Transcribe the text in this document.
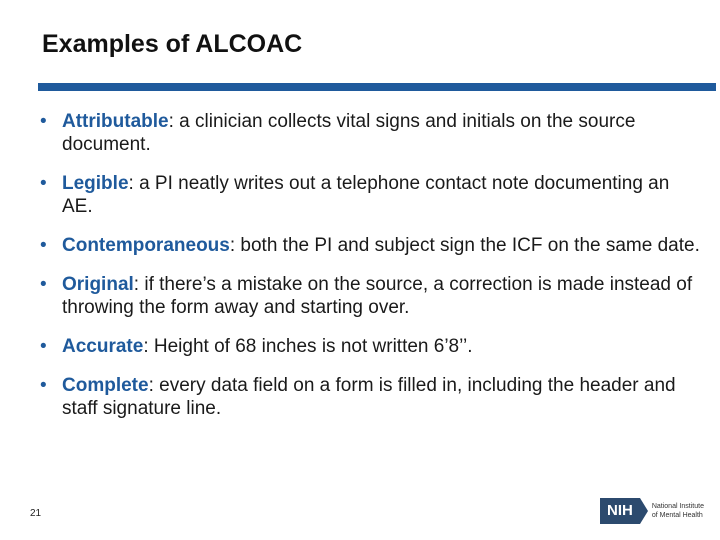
Examples of ALCOAC
• Attributable: a clinician collects vital signs and initials on the source document.
• Legible: a PI neatly writes out a telephone contact note documenting an AE.
• Contemporaneous: both the PI and subject sign the ICF on the same date.
• Original: if there’s a mistake on the source, a correction is made instead of throwing the form away and starting over.
• Accurate: Height of 68 inches is not written 6’8’’.
• Complete: every data field on a form is filled in, including the header and staff signature line.
21	NIH	National Institute
of Mental Health
